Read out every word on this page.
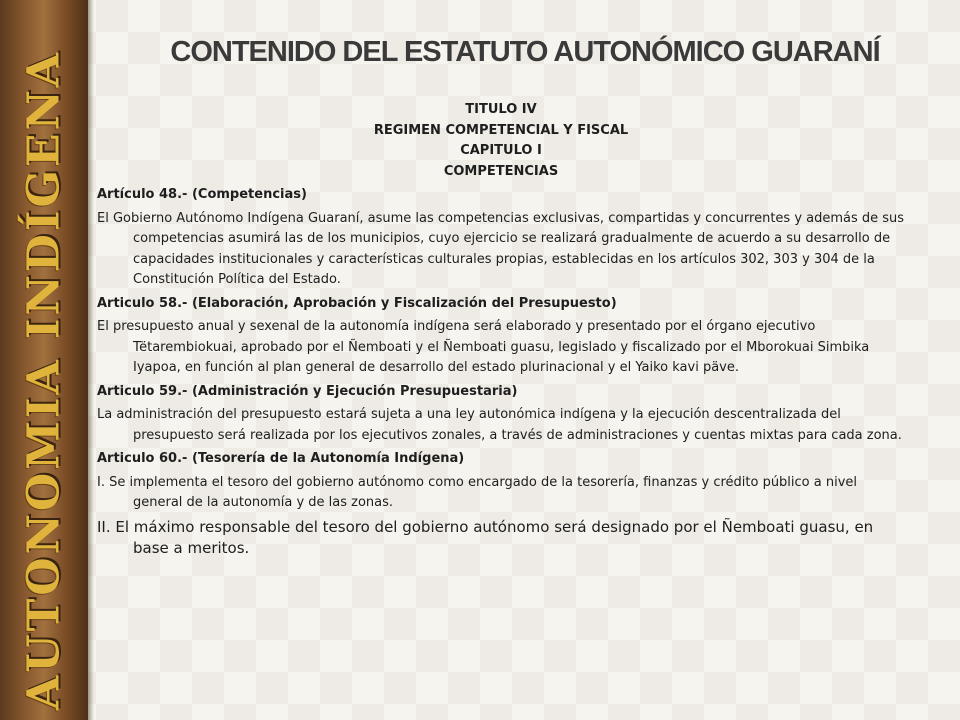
AUTONOMIA INDÍGENA	CONTENIDO DEL ESTATUTO AUTONÓMICO GUARANÍ
TITULO IV
REGIMEN COMPETENCIAL Y FISCAL
CAPITULO I
COMPETENCIAS
Artículo 48.- (Competencias)
El Gobierno Autónomo Indígena Guaraní, asume las competencias exclusivas, compartidas y concurrentes y además de sus competencias asumirá las de los municipios, cuyo ejercicio se realizará gradualmente de acuerdo a su desarrollo de capacidades institucionales y características culturales propias, establecidas en los artículos 302, 303 y 304 de la Constitución Política del Estado.
Articulo 58.- (Elaboración, Aprobación y Fiscalización del Presupuesto)
El presupuesto anual y sexenal de la autonomía indígena será elaborado y presentado por el órgano ejecutivo Tëtarembiokuai, aprobado por el Ñemboati y el Ñemboati guasu, legislado y fiscalizado por el Mborokuai Simbika Iyapoa, en función al plan general de desarrollo del estado plurinacional y el Yaiko kavi päve.
Articulo 59.- (Administración y Ejecución Presupuestaria)
La administración del presupuesto estará sujeta a una ley autonómica indígena y la ejecución descentralizada del presupuesto será realizada por los ejecutivos zonales, a través de administraciones y cuentas mixtas para cada zona.
Articulo 60.- (Tesorería de la Autonomía Indígena)
I. Se implementa el tesoro del gobierno autónomo como encargado de la tesorería, finanzas y crédito público a nivel general de la autonomía y de las zonas.
II. El máximo responsable del tesoro del gobierno autónomo será designado por el Ñemboati guasu, en base a meritos.
